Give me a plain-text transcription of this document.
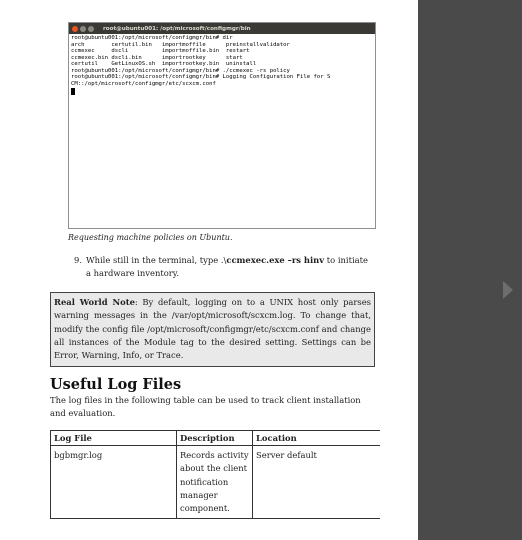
root@ubuntu001: /opt/microsoft/configmgr/bin
root@ubuntu001:/opt/microsoft/configmgr/bin# dir
arch        certutil.bin   importmoffile      preinstallvalidator
ccmexec     dscli          importmoffile.bin  restart
ccmexec.bin dscli.bin      importrootkey      start
certutil    GetLinuxOS.sh  importrootkey.bin  uninstall
root@ubuntu001:/opt/microsoft/configmgr/bin# ./ccmexec -rs policy
root@ubuntu001:/opt/microsoft/configmgr/bin# Logging Configuration File for S
CM::/opt/microsoft/configmgr/etc/scxcm.conf
Requesting machine policies on Ubuntu.
9. While still in the terminal, type .\ccmexec.exe –rs hinv to initiate a hardware inventory.
Real World Note: By default, logging on to a UNIX host only parses warning messages in the /var/opt/microsoft/scxcm.log. To change that, modify the config file /opt/microsoft/configmgr/etc/scxcm.conf and change all instances of the Module tag to the desired setting. Settings can be Error, Warning, Info, or Trace.
Useful Log Files
The log files in the following table can be used to track client installation and evaluation.
Log File	Description	Location
bgbmgr.log	Records activity about the client notification manager component.	Server default
